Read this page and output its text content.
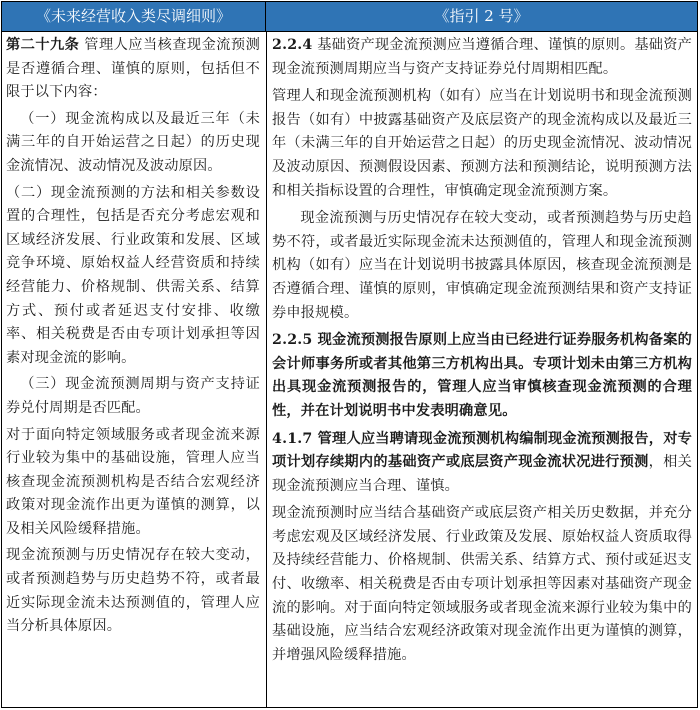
《未来经营收入类尽调细则》	《指引 2 号》

第二十九条 管理人应当核查现金流预测是否遵循合理、谨慎的原则，包括但不限于以下内容：

（一）现金流构成以及最近三年（未满三年的自开始运营之日起）的历史现金流情况、波动情况及波动原因。

（二）现金流预测的方法和相关参数设置的合理性，包括是否充分考虑宏观和区域经济发展、行业政策和发展、区域竞争环境、原始权益人经营资质和持续经营能力、价格规制、供需关系、结算方式、预付或者延迟支付安排、收缴率、相关税费是否由专项计划承担等因素对现金流的影响。

（三）现金流预测周期与资产支持证券兑付周期是否匹配。

对于面向特定领域服务或者现金流来源行业较为集中的基础设施，管理人应当核查现金流预测机构是否结合宏观经济政策对现金流作出更为谨慎的测算，以及相关风险缓释措施。

现金流预测与历史情况存在较大变动，或者预测趋势与历史趋势不符，或者最近实际现金流未达预测值的，管理人应当分析具体原因。

2.2.4 基础资产现金流预测应当遵循合理、谨慎的原则。基础资产现金流预测周期应当与资产支持证券兑付周期相匹配。

管理人和现金流预测机构（如有）应当在计划说明书和现金流预测报告（如有）中披露基础资产及底层资产的现金流构成以及最近三年（未满三年的自开始运营之日起）的历史现金流情况、波动情况及波动原因、预测假设因素、预测方法和预测结论，说明预测方法和相关指标设置的合理性，审慎确定现金流预测方案。

现金流预测与历史情况存在较大变动，或者预测趋势与历史趋势不符，或者最近实际现金流未达预测值的，管理人和现金流预测机构（如有）应当在计划说明书披露具体原因，核查现金流预测是否遵循合理、谨慎的原则，审慎确定现金流预测结果和资产支持证券申报规模。

2.2.5 现金流预测报告原则上应当由已经进行证券服务机构备案的会计师事务所或者其他第三方机构出具。专项计划未由第三方机构出具现金流预测报告的，管理人应当审慎核查现金流预测的合理性，并在计划说明书中发表明确意见。

4.1.7 管理人应当聘请现金流预测机构编制现金流预测报告，对专项计划存续期内的基础资产或底层资产现金流状况进行预测，相关现金流预测应当合理、谨慎。

现金流预测时应当结合基础资产或底层资产相关历史数据，并充分考虑宏观及区域经济发展、行业政策及发展、原始权益人资质取得及持续经营能力、价格规制、供需关系、结算方式、预付或延迟支付、收缴率、相关税费是否由专项计划承担等因素对基础资产现金流的影响。对于面向特定领域服务或者现金流来源行业较为集中的基础设施，应当结合宏观经济政策对现金流作出更为谨慎的测算，并增强风险缓释措施。
